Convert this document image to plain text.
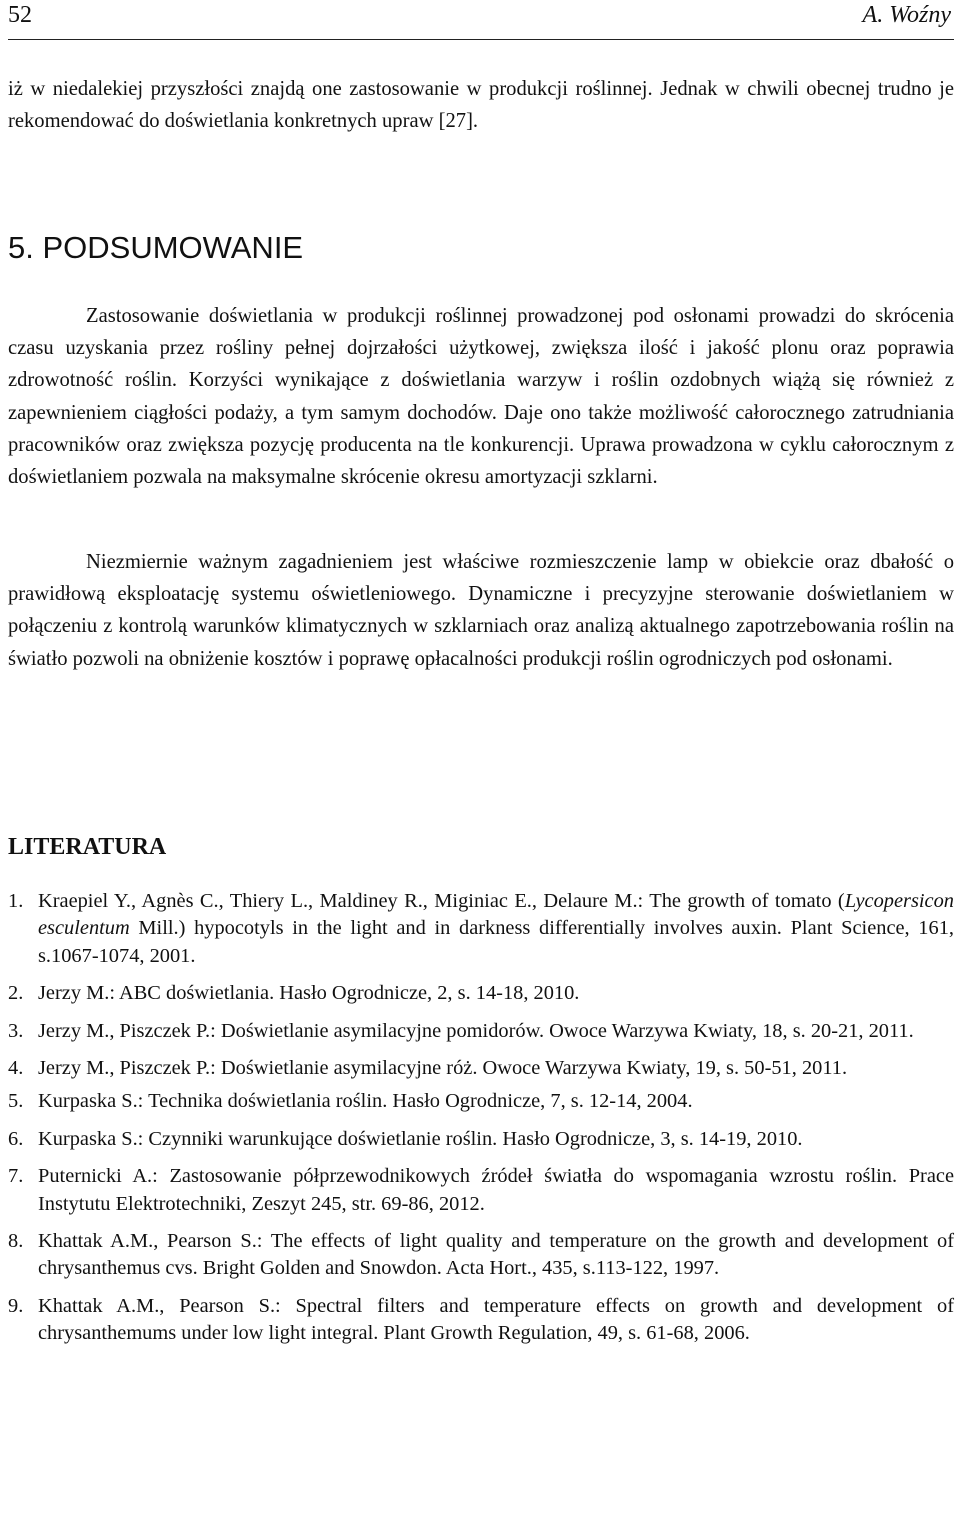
52	A. Woźny

iż w niedalekiej przyszłości znajdą one zastosowanie w produkcji roślinnej. Jednak w chwili obecnej trudno je rekomendować do doświetlania konkretnych upraw [27].

5. PODSUMOWANIE

Zastosowanie doświetlania w produkcji roślinnej prowadzonej pod osłonami prowadzi do skrócenia czasu uzyskania przez rośliny pełnej dojrzałości użytkowej, zwiększa ilość i jakość plonu oraz poprawia zdrowotność roślin. Korzyści wynikające z doświetlania warzyw i roślin ozdobnych wiążą się również z zapewnieniem ciągłości podaży, a tym samym dochodów. Daje ono także możliwość całorocznego zatrudniania pracowników oraz zwiększa pozycję producenta na tle konkurencji. Uprawa prowadzona w cyklu całorocznym z doświetlaniem pozwala na maksymalne skrócenie okresu amortyzacji szklarni.

Niezmiernie ważnym zagadnieniem jest właściwe rozmieszczenie lamp w obiekcie oraz dbałość o prawidłową eksploatację systemu oświetleniowego. Dynamiczne i precyzyjne sterowanie doświetlaniem w połączeniu z kontrolą warunków klimatycznych w szklarniach oraz analizą aktualnego zapotrzebowania roślin na światło pozwoli na obniżenie kosztów i poprawę opłacalności produkcji roślin ogrodniczych pod osłonami.

LITERATURA
1. Kraepiel Y., Agnès C., Thiery L., Maldiney R., Miginiac E., Delaure M.: The growth of tomato (Lycopersicon esculentum Mill.) hypocotyls in the light and in darkness differentially involves auxin. Plant Science, 161, s.1067-1074, 2001.
2. Jerzy M.: ABC doświetlania. Hasło Ogrodnicze, 2, s. 14-18, 2010.
3. Jerzy M., Piszczek P.: Doświetlanie asymilacyjne pomidorów. Owoce Warzywa Kwiaty, 18, s. 20-21, 2011.
4. Jerzy M., Piszczek P.: Doświetlanie asymilacyjne róż. Owoce Warzywa Kwiaty, 19, s. 50-51, 2011.
5. Kurpaska S.: Technika doświetlania roślin. Hasło Ogrodnicze, 7, s. 12-14, 2004.
6. Kurpaska S.: Czynniki warunkujące doświetlanie roślin. Hasło Ogrodnicze, 3, s. 14-19, 2010.
7. Puternicki A.: Zastosowanie półprzewodnikowych źródeł światła do wspomagania wzrostu roślin. Prace Instytutu Elektrotechniki, Zeszyt 245, str. 69-86, 2012.
8. Khattak A.M., Pearson S.: The effects of light quality and temperature on the growth and development of chrysanthemus cvs. Bright Golden and Snowdon. Acta Hort., 435, s.113-122, 1997.
9. Khattak A.M., Pearson S.: Spectral filters and temperature effects on growth and development of chrysanthemums under low light integral. Plant Growth Regulation, 49, s. 61-68, 2006.
